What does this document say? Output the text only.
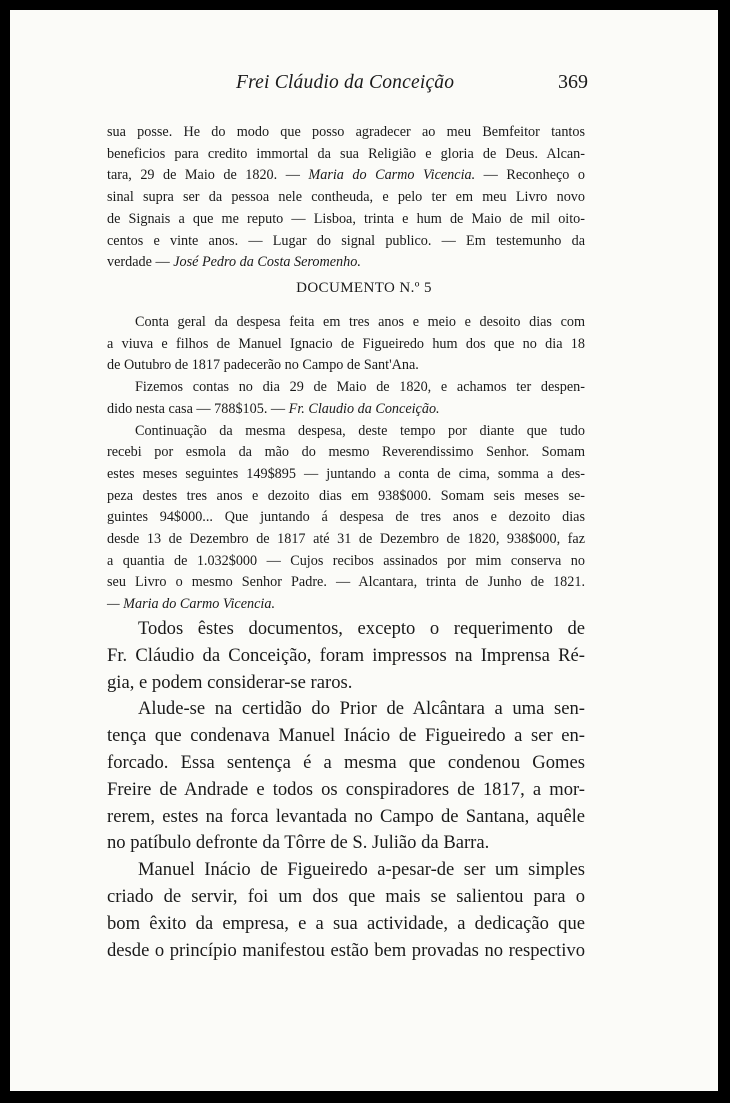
Frei Cláudio da Conceição	369
sua posse. He do modo que posso agradecer ao meu Bemfeitor tantos
beneficios para credito immortal da sua Religião e gloria de Deus. Alcan-
tara, 29 de Maio de 1820. — Maria do Carmo Vicencia. — Reconheço o
sinal supra ser da pessoa nele contheuda, e pelo ter em meu Livro novo
de Signais a que me reputo — Lisboa, trinta e hum de Maio de mil oito-
centos e vinte anos. — Lugar do signal publico. — Em testemunho da
verdade — José Pedro da Costa Seromenho.
DOCUMENTO N.º 5

Conta geral da despesa feita em tres anos e meio e desoito dias com
a viuva e filhos de Manuel Ignacio de Figueiredo hum dos que no dia 18
de Outubro de 1817 padecerão no Campo de Sant'Ana.

Fizemos contas no dia 29 de Maio de 1820, e achamos ter despen-
dido nesta casa — 788$105. — Fr. Claudio da Conceição.

Continuação da mesma despesa, deste tempo por diante que tudo
recebi por esmola da mão do mesmo Reverendissimo Senhor. Somam
estes meses seguintes 149$895 — juntando a conta de cima, somma a des-
peza destes tres anos e dezoito dias em 938$000. Somam seis meses se-
guintes 94$000... Que juntando á despesa de tres anos e dezoito dias
desde 13 de Dezembro de 1817 até 31 de Dezembro de 1820, 938$000, faz
a quantia de 1.032$000 — Cujos recibos assinados por mim conserva no
seu Livro o mesmo Senhor Padre. — Alcantara, trinta de Junho de 1821.
— Maria do Carmo Vicencia.

Todos êstes documentos, excepto o requerimento de
Fr. Cláudio da Conceição, foram impressos na Imprensa Ré-
gia, e podem considerar-se raros.

Alude-se na certidão do Prior de Alcântara a uma sen-
tença que condenava Manuel Inácio de Figueiredo a ser en-
forcado. Essa sentença é a mesma que condenou Gomes
Freire de Andrade e todos os conspiradores de 1817, a mor-
rerem, estes na forca levantada no Campo de Santana, aquêle
no patíbulo defronte da Tôrre de S. Julião da Barra.

Manuel Inácio de Figueiredo a-pesar-de ser um simples
criado de servir, foi um dos que mais se salientou para o
bom êxito da empresa, e a sua actividade, a dedicação que
desde o princípio manifestou estão bem provadas no respectivo
